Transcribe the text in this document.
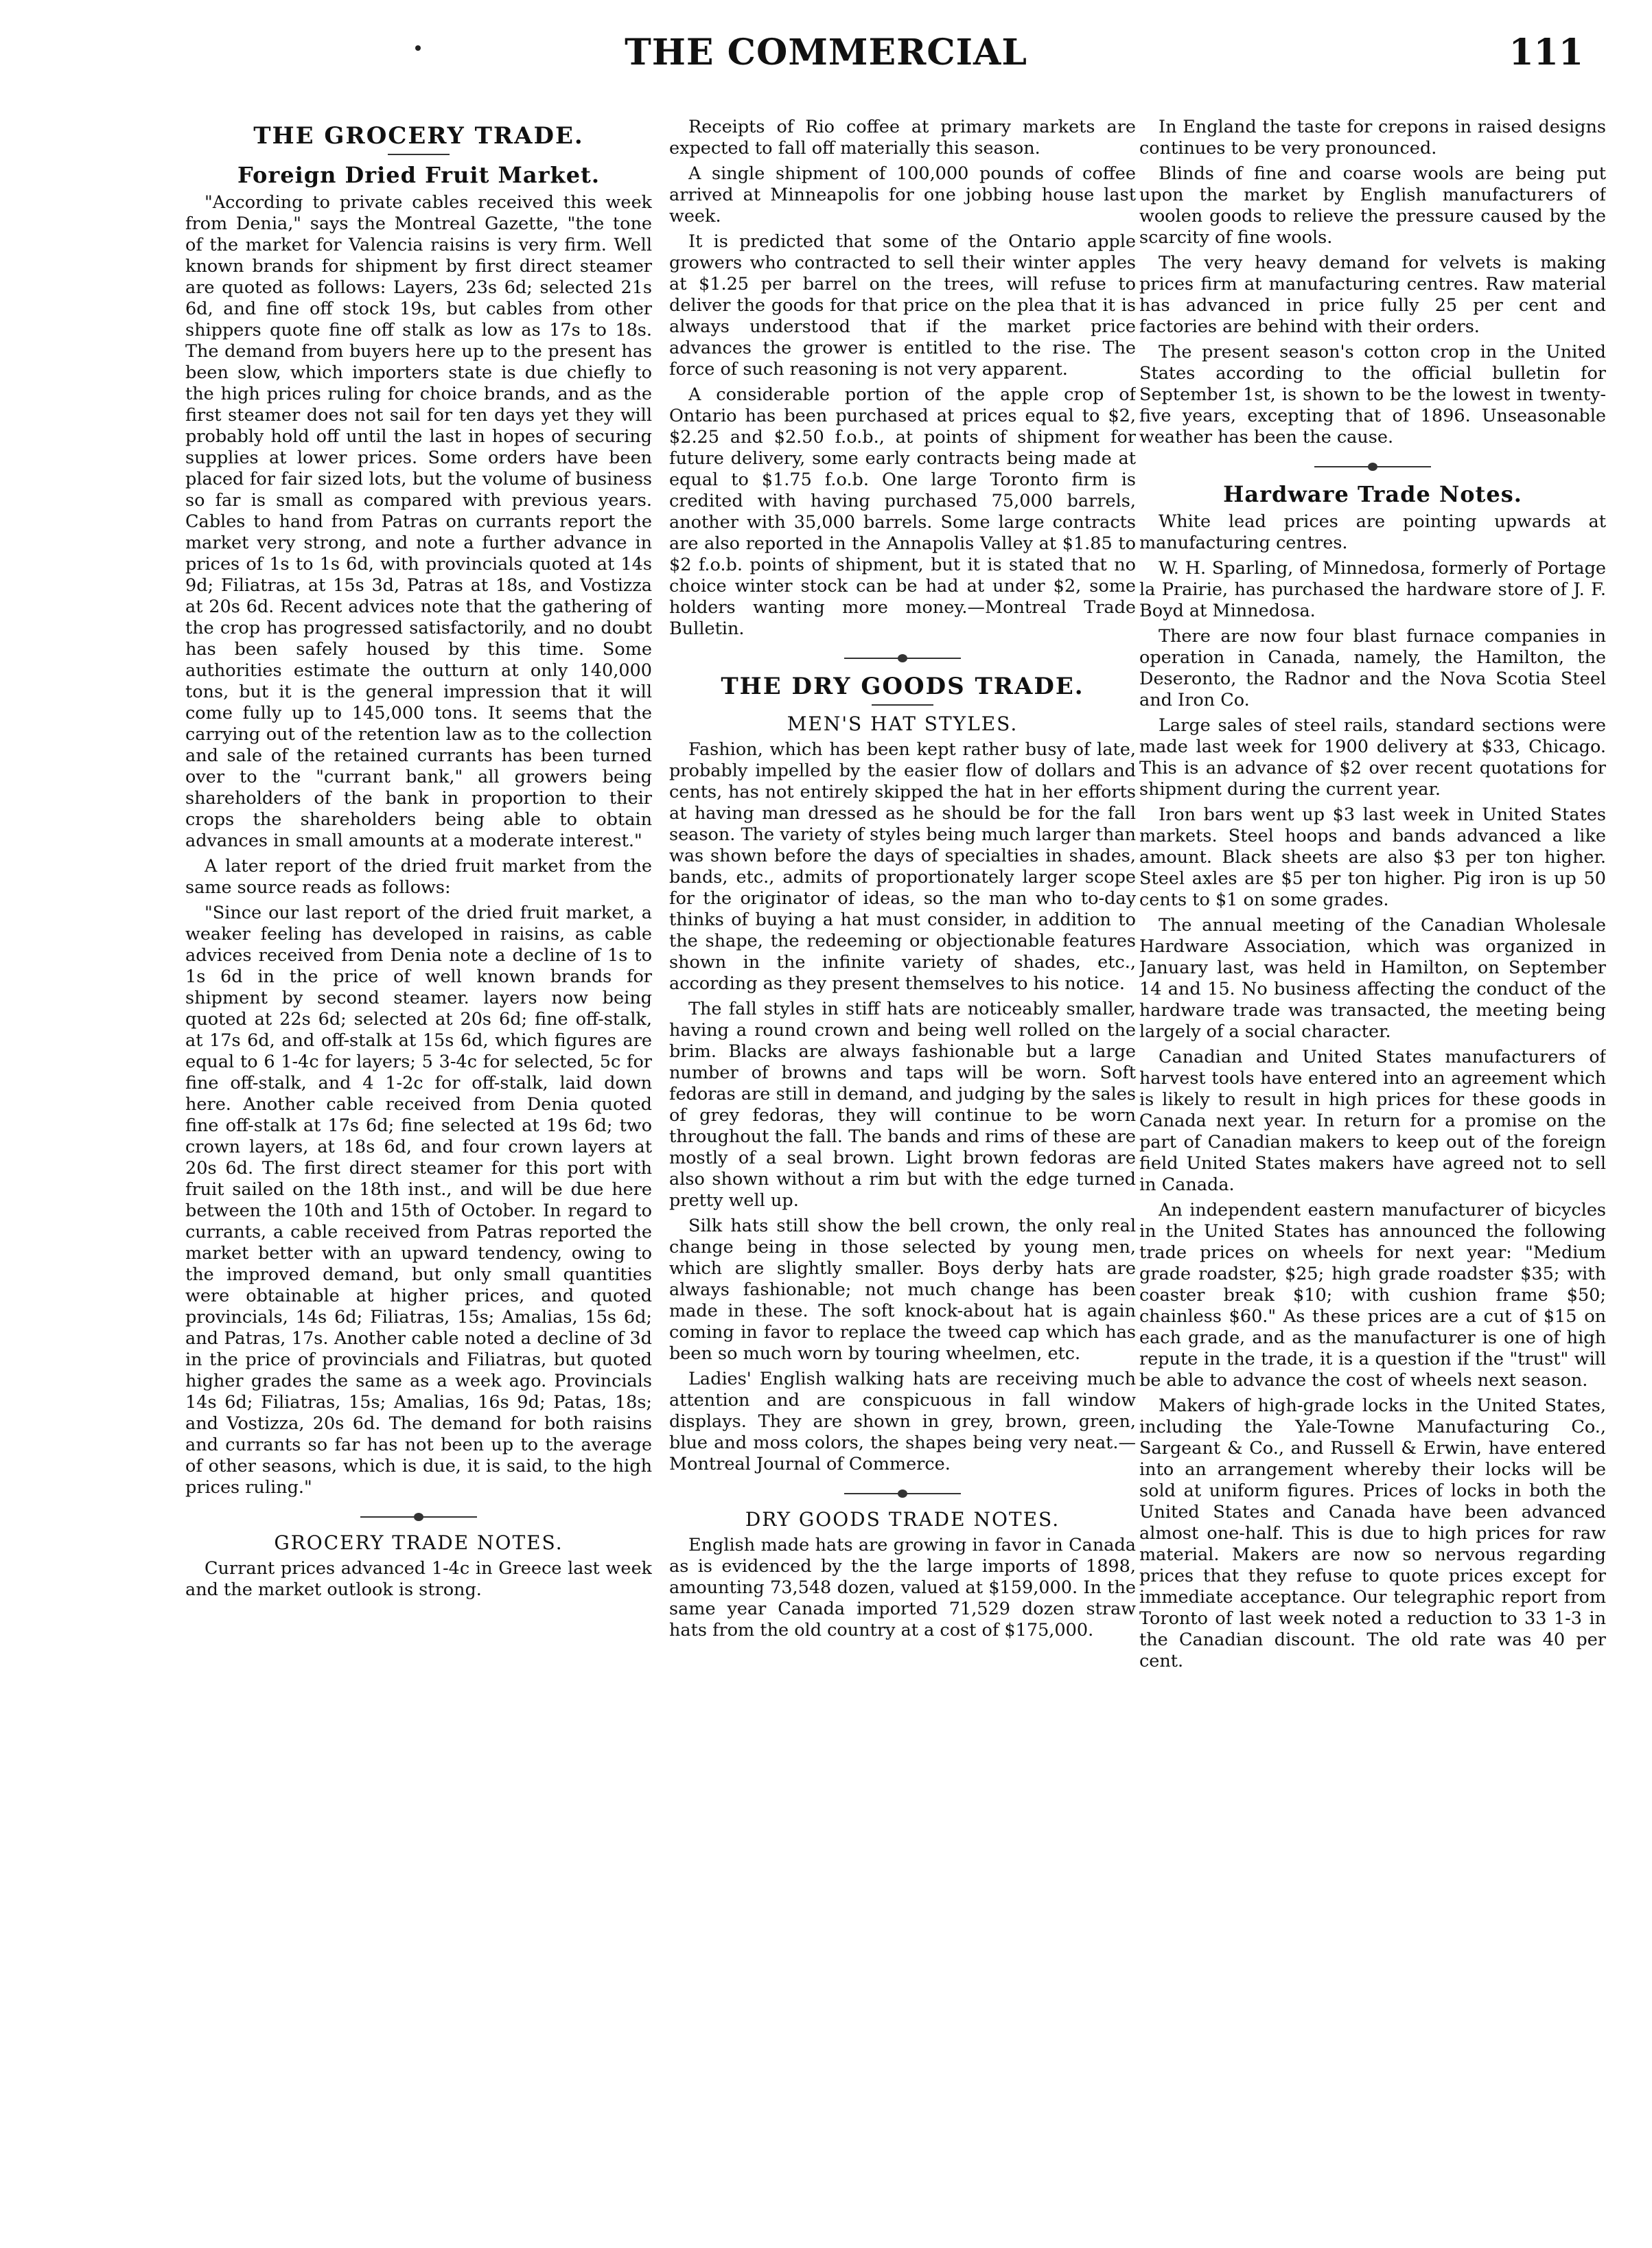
THE COMMERCIAL	111
THE GROCERY TRADE.
Foreign Dried Fruit Market.

"According to private cables received this week from Denia," says the Montreal Gazette, "the tone of the market for Valencia raisins is very firm. Well known brands for shipment by first direct steamer are quoted as follows: Layers, 23s 6d; selected 21s 6d, and fine off stock 19s, but cables from other shippers quote fine off stalk as low as 17s to 18s. The demand from buyers here up to the present has been slow, which importers state is due chiefly to the high prices ruling for choice brands, and as the first steamer does not sail for ten days yet they will probably hold off until the last in hopes of securing supplies at lower prices. Some orders have been placed for fair sized lots, but the volume of business so far is small as compared with previous years. Cables to hand from Patras on currants report the market very strong, and note a further advance in prices of 1s to 1s 6d, with provincials quoted at 14s 9d; Filiatras, at 15s 3d, Patras at 18s, and Vostizza at 20s 6d. Recent advices note that the gathering of the crop has progressed satisfactorily, and no doubt has been safely housed by this time. Some authorities estimate the outturn at only 140,000 tons, but it is the general impression that it will come fully up to 145,000 tons. It seems that the carrying out of the retention law as to the collection and sale of the retained currants has been turned over to the "currant bank," all growers being shareholders of the bank in proportion to their crops the shareholders being able to obtain advances in small amounts at a moderate interest."

A later report of the dried fruit market from the same source reads as follows:

"Since our last report of the dried fruit market, a weaker feeling has developed in raisins, as cable advices received from Denia note a decline of 1s to 1s 6d in the price of well known brands for shipment by second steamer. layers now being quoted at 22s 6d; selected at 20s 6d; fine off-stalk, at 17s 6d, and off-stalk at 15s 6d, which figures are equal to 6 1-4c for layers; 5 3-4c for selected, 5c for fine off-stalk, and 4 1-2c for off-stalk, laid down here. Another cable received from Denia quoted fine off-stalk at 17s 6d; fine selected at 19s 6d; two crown layers, at 18s 6d, and four crown layers at 20s 6d. The first direct steamer for this port with fruit sailed on the 18th inst., and will be due here between the 10th and 15th of October. In regard to currants, a cable received from Patras reported the market better with an upward tendency, owing to the improved demand, but only small quantities were obtainable at higher prices, and quoted provincials, 14s 6d; Filiatras, 15s; Amalias, 15s 6d; and Patras, 17s. Another cable noted a decline of 3d in the price of provincials and Filiatras, but quoted higher grades the same as a week ago. Provincials 14s 6d; Filiatras, 15s; Amalias, 16s 9d; Patas, 18s; and Vostizza, 20s 6d. The demand for both raisins and currants so far has not been up to the average of other seasons, which is due, it is said, to the high prices ruling."

GROCERY TRADE NOTES.

Currant prices advanced 1-4c in Greece last week and the market outlook is strong.

Receipts of Rio coffee at primary markets are expected to fall off materially this season.

A single shipment of 100,000 pounds of coffee arrived at Minneapolis for one jobbing house last week.

It is predicted that some of the Ontario apple growers who contracted to sell their winter apples at $1.25 per barrel on the trees, will refuse to deliver the goods for that price on the plea that it is always understood that if the market price advances the grower is entitled to the rise. The force of such reasoning is not very apparent.

A considerable portion of the apple crop of Ontario has been purchased at prices equal to $2, $2.25 and $2.50 f.o.b., at points of shipment for future delivery, some early contracts being made at equal to $1.75 f.o.b. One large Toronto firm is credited with having purchased 75,000 barrels, another with 35,000 barrels. Some large contracts are also reported in the Annapolis Valley at $1.85 to $2 f.o.b. points of shipment, but it is stated that no choice winter stock can be had at under $2, some holders wanting more money.—Montreal Trade Bulletin.

THE DRY GOODS TRADE.
MEN'S HAT STYLES.

Fashion, which has been kept rather busy of late, probably impelled by the easier flow of dollars and cents, has not entirely skipped the hat in her efforts at having man dressed as he should be for the fall season. The variety of styles being much larger than was shown before the days of specialties in shades, bands, etc., admits of proportionately larger scope for the originator of ideas, so the man who to-day thinks of buying a hat must consider, in addition to the shape, the redeeming or objectionable features shown in the infinite variety of shades, etc., according as they present themselves to his notice.

The fall styles in stiff hats are noticeably smaller, having a round crown and being well rolled on the brim. Blacks are always fashionable but a large number of browns and taps will be worn. Soft fedoras are still in demand, and judging by the sales of grey fedoras, they will continue to be worn throughout the fall. The bands and rims of these are mostly of a seal brown. Light brown fedoras are also shown without a rim but with the edge turned pretty well up.

Silk hats still show the bell crown, the only real change being in those selected by young men, which are slightly smaller. Boys derby hats are always fashionable; not much change has been made in these. The soft knock-about hat is again coming in favor to replace the tweed cap which has been so much worn by touring wheelmen, etc.

Ladies' English walking hats are receiving much attention and are conspicuous in fall window displays. They are shown in grey, brown, green, blue and moss colors, the shapes being very neat.—Montreal Journal of Commerce.

DRY GOODS TRADE NOTES.

English made hats are growing in favor in Canada as is evidenced by the the large imports of 1898, amounting 73,548 dozen, valued at $159,000. In the same year Canada imported 71,529 dozen straw hats from the old country at a cost of $175,000.

In England the taste for crepons in raised designs continues to be very pronounced.

Blinds of fine and coarse wools are being put upon the market by English manufacturers of woolen goods to relieve the pressure caused by the scarcity of fine wools.

The very heavy demand for velvets is making prices firm at manufacturing centres. Raw material has advanced in price fully 25 per cent and factories are behind with their orders.

The present season's cotton crop in the United States according to the official bulletin for September 1st, is shown to be the lowest in twenty-five years, excepting that of 1896. Unseasonable weather has been the cause.

Hardware Trade Notes.

White lead prices are pointing upwards at manufacturing centres.

W. H. Sparling, of Minnedosa, formerly of Portage la Prairie, has purchased the hardware store of J. F. Boyd at Minnedosa.

There are now four blast furnace companies in operation in Canada, namely, the Hamilton, the Deseronto, the Radnor and the Nova Scotia Steel and Iron Co.

Large sales of steel rails, standard sections were made last week for 1900 delivery at $33, Chicago. This is an advance of $2 over recent quotations for shipment during the current year.

Iron bars went up $3 last week in United States markets. Steel hoops and bands advanced a like amount. Black sheets are also $3 per ton higher. Steel axles are $5 per ton higher. Pig iron is up 50 cents to $1 on some grades.

The annual meeting of the Canadian Wholesale Hardware Association, which was organized in January last, was held in Hamilton, on September 14 and 15. No business affecting the conduct of the hardware trade was transacted, the meeting being largely of a social character.

Canadian and United States manufacturers of harvest tools have entered into an agreement which is likely to result in high prices for these goods in Canada next year. In return for a promise on the part of Canadian makers to keep out of the foreign field United States makers have agreed not to sell in Canada.

An independent eastern manufacturer of bicycles in the United States has announced the following trade prices on wheels for next year: "Medium grade roadster, $25; high grade roadster $35; with coaster break $10; with cushion frame $50; chainless $60." As these prices are a cut of $15 on each grade, and as the manufacturer is one of high repute in the trade, it is a question if the "trust" will be able to advance the cost of wheels next season.

Makers of high-grade locks in the United States, including the Yale-Towne Manufacturing Co., Sargeant & Co., and Russell & Erwin, have entered into an arrangement whereby their locks will be sold at uniform figures. Prices of locks in both the United States and Canada have been advanced almost one-half. This is due to high prices for raw material. Makers are now so nervous regarding prices that they refuse to quote prices except for immediate acceptance. Our telegraphic report from Toronto of last week noted a reduction to 33 1-3 in the Canadian discount. The old rate was 40 per cent.
